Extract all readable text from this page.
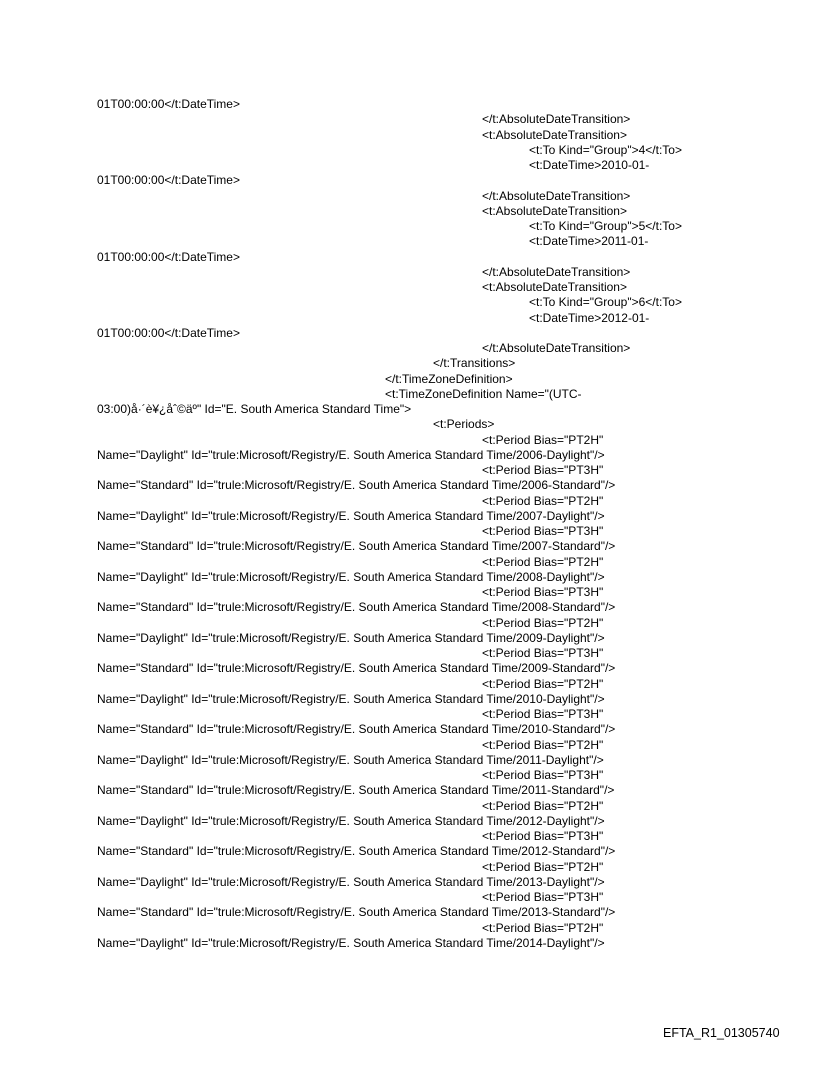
01T00:00:00</t:DateTime>
</t:AbsoluteDateTransition>
<t:AbsoluteDateTransition>
<t:To Kind="Group">4</t:To>
<t:DateTime>2010-01-
01T00:00:00</t:DateTime>
</t:AbsoluteDateTransition>
<t:AbsoluteDateTransition>
<t:To Kind="Group">5</t:To>
<t:DateTime>2011-01-
01T00:00:00</t:DateTime>
</t:AbsoluteDateTransition>
<t:AbsoluteDateTransition>
<t:To Kind="Group">6</t:To>
<t:DateTime>2012-01-
01T00:00:00</t:DateTime>
</t:AbsoluteDateTransition>
</t:Transitions>
</t:TimeZoneDefinition>
<t:TimeZoneDefinition Name="(UTC-
03:00)å·´è¥¿åˆ©äº" Id="E. South America Standard Time">
<t:Periods>
<t:Period Bias="PT2H"
Name="Daylight" Id="trule:Microsoft/Registry/E. South America Standard Time/2006-Daylight"/>
<t:Period Bias="PT3H"
Name="Standard" Id="trule:Microsoft/Registry/E. South America Standard Time/2006-Standard"/>
<t:Period Bias="PT2H"
Name="Daylight" Id="trule:Microsoft/Registry/E. South America Standard Time/2007-Daylight"/>
<t:Period Bias="PT3H"
Name="Standard" Id="trule:Microsoft/Registry/E. South America Standard Time/2007-Standard"/>
<t:Period Bias="PT2H"
Name="Daylight" Id="trule:Microsoft/Registry/E. South America Standard Time/2008-Daylight"/>
<t:Period Bias="PT3H"
Name="Standard" Id="trule:Microsoft/Registry/E. South America Standard Time/2008-Standard"/>
<t:Period Bias="PT2H"
Name="Daylight" Id="trule:Microsoft/Registry/E. South America Standard Time/2009-Daylight"/>
<t:Period Bias="PT3H"
Name="Standard" Id="trule:Microsoft/Registry/E. South America Standard Time/2009-Standard"/>
<t:Period Bias="PT2H"
Name="Daylight" Id="trule:Microsoft/Registry/E. South America Standard Time/2010-Daylight"/>
<t:Period Bias="PT3H"
Name="Standard" Id="trule:Microsoft/Registry/E. South America Standard Time/2010-Standard"/>
<t:Period Bias="PT2H"
Name="Daylight" Id="trule:Microsoft/Registry/E. South America Standard Time/2011-Daylight"/>
<t:Period Bias="PT3H"
Name="Standard" Id="trule:Microsoft/Registry/E. South America Standard Time/2011-Standard"/>
<t:Period Bias="PT2H"
Name="Daylight" Id="trule:Microsoft/Registry/E. South America Standard Time/2012-Daylight"/>
<t:Period Bias="PT3H"
Name="Standard" Id="trule:Microsoft/Registry/E. South America Standard Time/2012-Standard"/>
<t:Period Bias="PT2H"
Name="Daylight" Id="trule:Microsoft/Registry/E. South America Standard Time/2013-Daylight"/>
<t:Period Bias="PT3H"
Name="Standard" Id="trule:Microsoft/Registry/E. South America Standard Time/2013-Standard"/>
<t:Period Bias="PT2H"
Name="Daylight" Id="trule:Microsoft/Registry/E. South America Standard Time/2014-Daylight"/>
EFTA_R1_01305740
